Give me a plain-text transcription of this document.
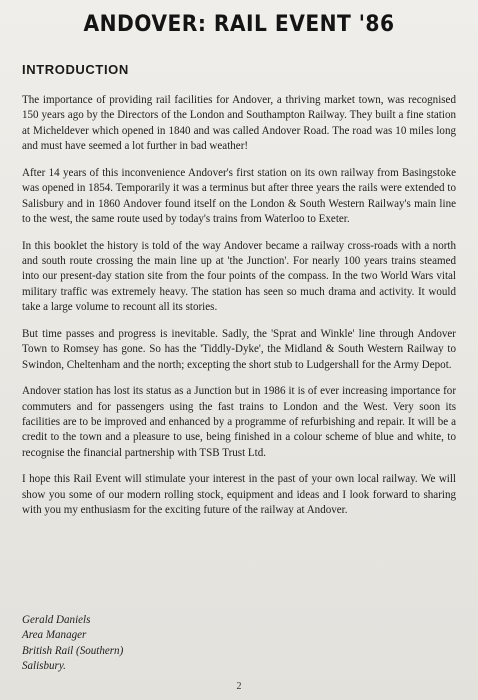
ANDOVER: RAIL EVENT '86
INTRODUCTION

The importance of providing rail facilities for Andover, a thriving market town, was recognised 150 years ago by the Directors of the London and Southampton Railway. They built a fine station at Micheldever which opened in 1840 and was called Andover Road. The road was 10 miles long and must have seemed a lot further in bad weather!

After 14 years of this inconvenience Andover's first station on its own railway from Basingstoke was opened in 1854. Temporarily it was a terminus but after three years the rails were extended to Salisbury and in 1860 Andover found itself on the London & South Western Railway's main line to the west, the same route used by today's trains from Waterloo to Exeter.

In this booklet the history is told of the way Andover became a railway cross-roads with a north and south route crossing the main line up at 'the Junction'. For nearly 100 years trains steamed into our present-day station site from the four points of the compass. In the two World Wars vital military traffic was extremely heavy. The station has seen so much drama and activity. It would take a large volume to recount all its stories.

But time passes and progress is inevitable. Sadly, the 'Sprat and Winkle' line through Andover Town to Romsey has gone. So has the 'Tiddly-Dyke', the Midland & South Western Railway to Swindon, Cheltenham and the north; excepting the short stub to Ludgershall for the Army Depot.

Andover station has lost its status as a Junction but in 1986 it is of ever increasing importance for commuters and for passengers using the fast trains to London and the West. Very soon its facilities are to be improved and enhanced by a programme of refurbishing and repair. It will be a credit to the town and a pleasure to use, being finished in a colour scheme of blue and white, to recognise the financial partnership with TSB Trust Ltd.

I hope this Rail Event will stimulate your interest in the past of your own local railway. We will show you some of our modern rolling stock, equipment and ideas and I look forward to sharing with you my enthusiasm for the exciting future of the railway at Andover.

Gerald Daniels
Area Manager
British Rail (Southern)
Salisbury.
2
